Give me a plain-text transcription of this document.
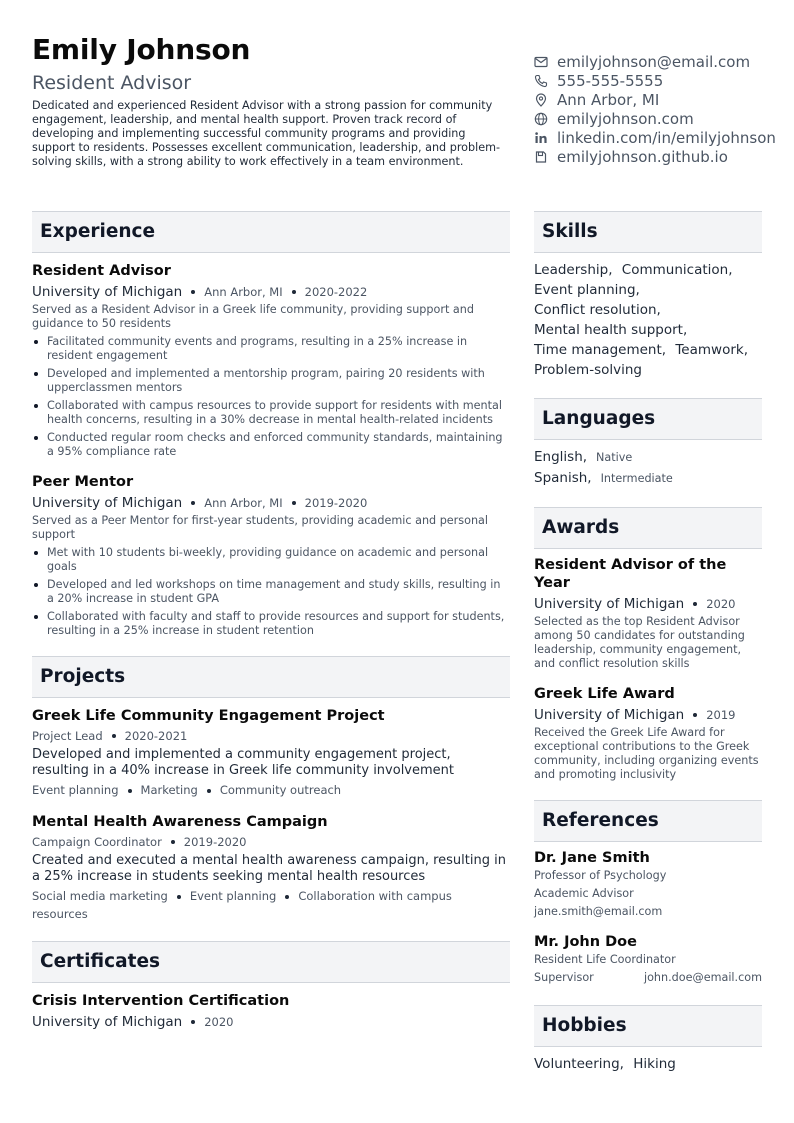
Emily Johnson
Resident Advisor
Dedicated and experienced Resident Advisor with a strong passion for community engagement, leadership, and mental health support. Proven track record of developing and implementing successful community programs and providing support to residents. Possesses excellent communication, leadership, and problem-solving skills, with a strong ability to work effectively in a team environment.
emilyjohnson@email.com
555-555-5555
Ann Arbor, MI
emilyjohnson.com
linkedin.com/in/emilyjohnson
emilyjohnson.github.io
Experience
Resident Advisor
University of Michigan Ann Arbor, MI 2020-2022
Served as a Resident Advisor in a Greek life community, providing support and guidance to 50 residents
Facilitated community events and programs, resulting in a 25% increase in resident engagement
Developed and implemented a mentorship program, pairing 20 residents with upperclassmen mentors
Collaborated with campus resources to provide support for residents with mental health concerns, resulting in a 30% decrease in mental health-related incidents
Conducted regular room checks and enforced community standards, maintaining a 95% compliance rate
Peer Mentor
University of Michigan Ann Arbor, MI 2019-2020
Served as a Peer Mentor for first-year students, providing academic and personal support
Met with 10 students bi-weekly, providing guidance on academic and personal goals
Developed and led workshops on time management and study skills, resulting in a 20% increase in student GPA
Collaborated with faculty and staff to provide resources and support for students, resulting in a 25% increase in student retention
Projects
Greek Life Community Engagement Project
Project Lead 2020-2021
Developed and implemented a community engagement project, resulting in a 40% increase in Greek life community involvement
Event planning Marketing Community outreach
Mental Health Awareness Campaign
Campaign Coordinator 2019-2020
Created and executed a mental health awareness campaign, resulting in a 25% increase in students seeking mental health resources
Social media marketing Event planning Collaboration with campus resources
Certificates
Crisis Intervention Certification
University of Michigan 2020
Skills
Leadership, Communication,
Event planning,
Conflict resolution,
Mental health support,
Time management, Teamwork,
Problem-solving
Languages
English, Native
Spanish, Intermediate
Awards
Resident Advisor of the Year
University of Michigan 2020
Selected as the top Resident Advisor among 50 candidates for outstanding leadership, community engagement, and conflict resolution skills
Greek Life Award
University of Michigan 2019
Received the Greek Life Award for exceptional contributions to the Greek community, including organizing events and promoting inclusivity
References
Dr. Jane Smith
Professor of Psychology
Academic Advisor
jane.smith@email.com
Mr. John Doe
Resident Life Coordinator
Supervisor	john.doe@email.com
Hobbies
Volunteering, Hiking
